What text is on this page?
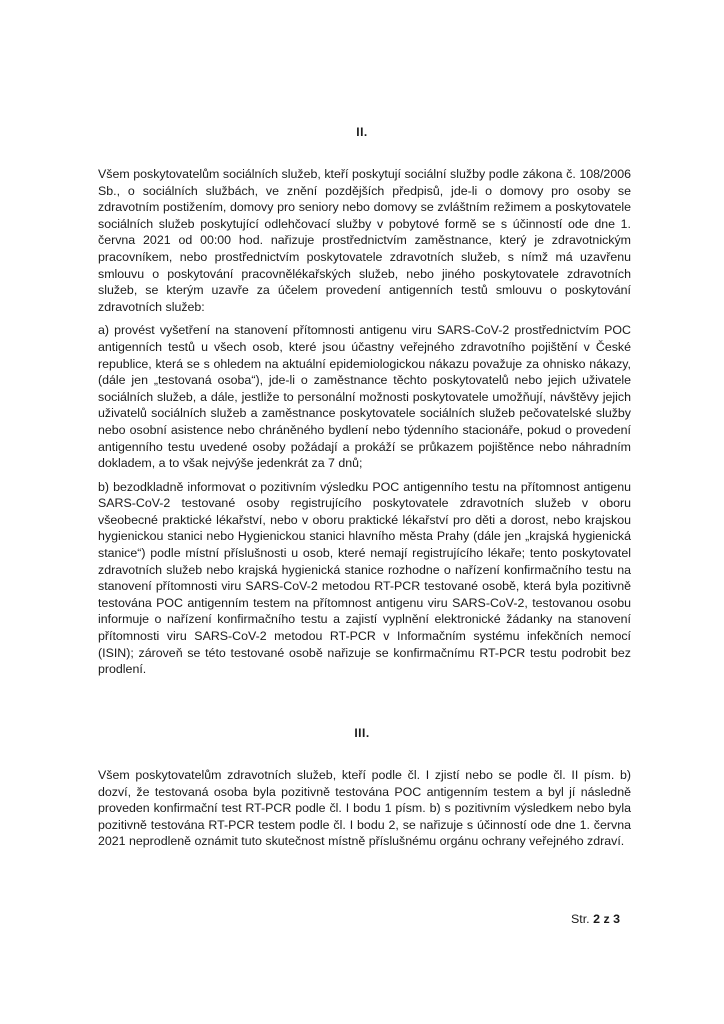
II.

Všem poskytovatelům sociálních služeb, kteří poskytují sociální služby podle zákona č. 108/2006 Sb., o sociálních službách, ve znění pozdějších předpisů, jde-li o domovy pro osoby se zdravotním postižením, domovy pro seniory nebo domovy se zvláštním režimem a poskytovatele sociálních služeb poskytující odlehčovací služby v pobytové formě se s účinností ode dne 1. června 2021 od 00:00 hod. nařizuje prostřednictvím zaměstnance, který je zdravotnickým pracovníkem, nebo prostřednictvím poskytovatele zdravotních služeb, s nímž má uzavřenu smlouvu o poskytování pracovnělékařských služeb, nebo jiného poskytovatele zdravotních služeb, se kterým uzavře za účelem provedení antigenních testů smlouvu o poskytování zdravotních služeb:

a) provést vyšetření na stanovení přítomnosti antigenu viru SARS-CoV-2 prostřednictvím POC antigenních testů u všech osob, které jsou účastny veřejného zdravotního pojištění v České republice, která se s ohledem na aktuální epidemiologickou nákazu považuje za ohnisko nákazy, (dále jen „testovaná osoba“), jde-li o zaměstnance těchto poskytovatelů nebo jejich uživatele sociálních služeb, a dále, jestliže to personální možnosti poskytovatele umožňují, návštěvy jejich uživatelů sociálních služeb a zaměstnance poskytovatele sociálních služeb pečovatelské služby nebo osobní asistence nebo chráněného bydlení nebo týdenního stacionáře, pokud o provedení antigenního testu uvedené osoby požádají a prokáží se průkazem pojištěnce nebo náhradním dokladem, a to však nejvýše jedenkrát za 7 dnů;

b) bezodkladně informovat o pozitivním výsledku POC antigenního testu na přítomnost antigenu SARS-CoV-2 testované osoby registrujícího poskytovatele zdravotních služeb v oboru všeobecné praktické lékařství, nebo v oboru praktické lékařství pro děti a dorost, nebo krajskou hygienickou stanici nebo Hygienickou stanici hlavního města Prahy (dále jen „krajská hygienická stanice“) podle místní příslušnosti u osob, které nemají registrujícího lékaře; tento poskytovatel zdravotních služeb nebo krajská hygienická stanice rozhodne o nařízení konfirmačního testu na stanovení přítomnosti viru SARS-CoV-2 metodou RT-PCR testované osobě, která byla pozitivně testována POC antigenním testem na přítomnost antigenu viru SARS-CoV-2, testovanou osobu informuje o nařízení konfirmačního testu a zajistí vyplnění elektronické žádanky na stanovení přítomnosti viru SARS-CoV-2 metodou RT-PCR v Informačním systému infekčních nemocí (ISIN); zároveň se této testované osobě nařizuje se konfirmačnímu RT-PCR testu podrobit bez prodlení.

III.

Všem poskytovatelům zdravotních služeb, kteří podle čl. I zjistí nebo se podle čl. II písm. b) dozví, že testovaná osoba byla pozitivně testována POC antigenním testem a byl jí následně proveden konfirmační test RT-PCR podle čl. I bodu 1 písm. b) s pozitivním výsledkem nebo byla pozitivně testována RT-PCR testem podle čl. I bodu 2, se nařizuje s účinností ode dne 1. června 2021 neprodleně oznámit tuto skutečnost místně příslušnému orgánu ochrany veřejného zdraví.

Str. 2 z 3
